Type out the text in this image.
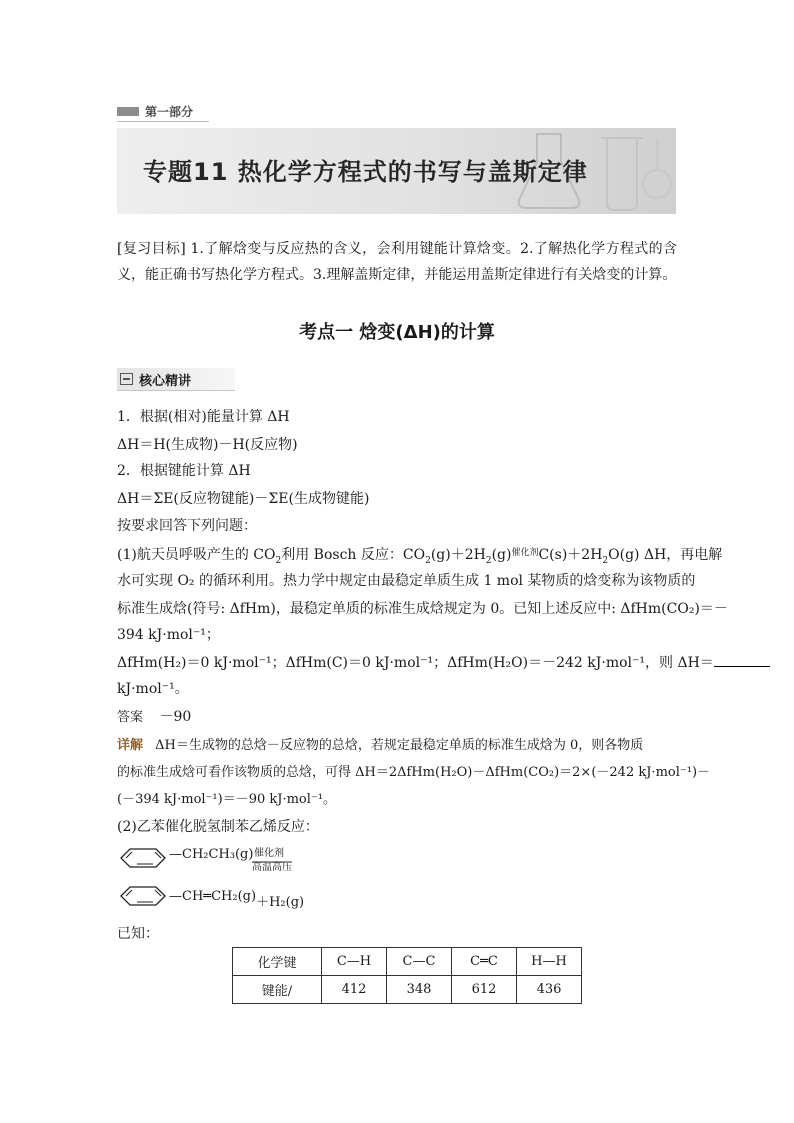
第一部分
专题11 热化学方程式的书写与盖斯定律
[复习目标] 1.了解焓变与反应热的含义，会利用键能计算焓变。2.了解热化学方程式的含义，能正确书写热化学方程式。3.理解盖斯定律，并能运用盖斯定律进行有关焓变的计算。
考点一 焓变(ΔH)的计算
核心精讲
1．根据(相对)能量计算 ΔH
ΔH＝H(生成物)－H(反应物)
2．根据键能计算 ΔH
ΔH＝ΣE(反应物键能)－ΣE(生成物键能)
按要求回答下列问题：
(1)航天员呼吸产生的 $CO_2$利用 Bosch 反应：$CO_2(g)+2H_2(g)^{催化剂}C(s)+2H_2O(g)$ ΔH，再电解
水可实现 O₂ 的循环利用。热力学中规定由最稳定单质生成 1 mol 某物质的焓变称为该物质的
标准生成焓(符号: ΔfHm)，最稳定单质的标准生成焓规定为 0。已知上述反应中: ΔfHm(CO₂)＝－
394 kJ·mol⁻¹；
ΔfHm(H₂)＝0 kJ·mol⁻¹；ΔfHm(C)＝0 kJ·mol⁻¹；ΔfHm(H₂O)＝－242 kJ·mol⁻¹，则 ΔH＝
kJ·mol⁻¹。
答案 －90
详解 ΔH＝生成物的总焓－反应物的总焓，若规定最稳定单质的标准生成焓为 0，则各物质
的标准生成焓可看作该物质的总焓，可得 ΔH＝2ΔfHm(H₂O)－ΔfHm(CO₂)＝2×(－242 kJ·mol⁻¹)－
(－394 kJ·mol⁻¹)＝－90 kJ·mol⁻¹。
(2)乙苯催化脱氢制苯乙烯反应：
—CH₂CH₃(g) 催化剂
高温高压
—CH═CH₂(g)＋H₂(g)
已知：
化学键	C—H	C—C	C═C	H—H
键能/	412	348	612	436
